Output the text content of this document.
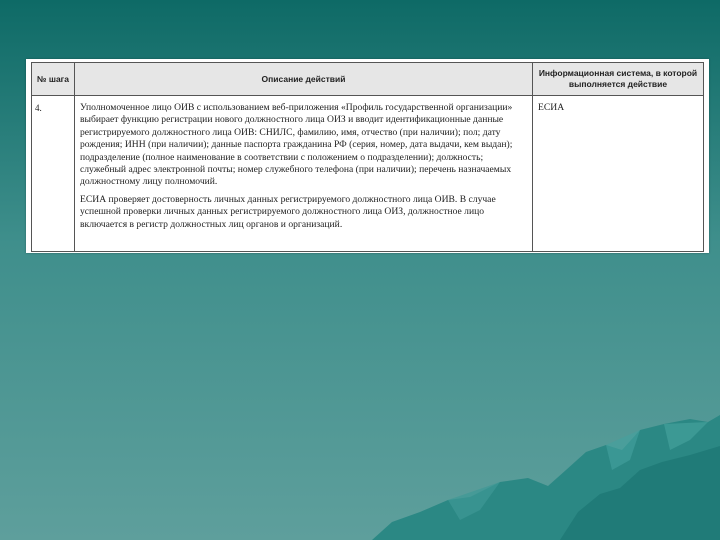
№ шага	Описание действий	Информационная система, в которой выполняется действие
4.	Уполномоченное лицо ОИВ с использованием веб-приложения «Профиль государственной организации» выбирает функцию регистрации нового должностного лица ОИЗ и вводит идентификационные данные регистрируемого должностного лица ОИВ: СНИЛС, фамилию, имя, отчество (при наличии); пол; дату рождения; ИНН (при наличии); данные паспорта гражданина РФ (серия, номер, дата выдачи, кем выдан); подразделение (полное наименование в соответствии с положением о подразделении); должность; служебный адрес электронной почты; номер служебного телефона (при наличии); перечень назначаемых должностному лицу полномочий.

ЕСИА проверяет достоверность личных данных регистрируемого должностного лица ОИВ. В случае успешной проверки личных данных регистрируемого должностного лица ОИЗ, должностное лицо включается в регистр должностных лиц органов и организаций.	ЕСИА
